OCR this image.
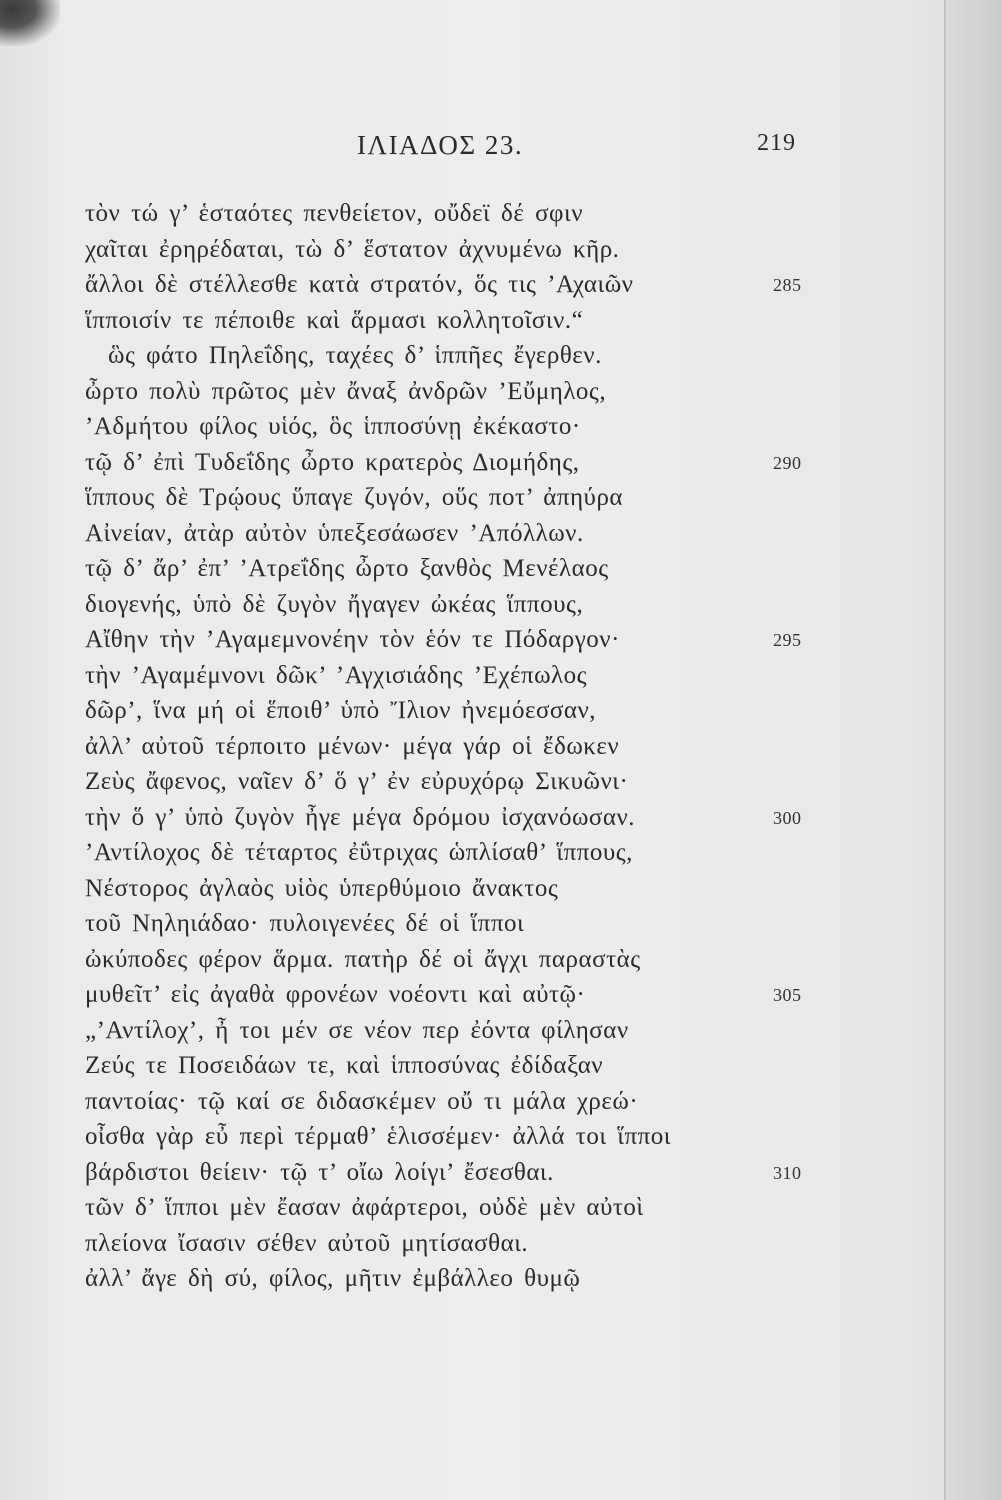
ΙΛΙΑΔΟΣ 23.	219
τὸν τώ γ’ ἑσταότες πενθείετον, οὔδεϊ δέ σφιν
χαῖται ἐρηρέδαται, τὼ δ’ ἕστατον ἀχνυμένω κῆρ.
ἄλλοι δὲ στέλλεσθε κατὰ στρατόν, ὅς τις ’Αχαιῶν	285
ἵπποισίν τε πέποιθε καὶ ἅρμασι κολλητοῖσιν.“
ὣς φάτο Πηλεΐδης, ταχέες δ’ ἱππῆες ἔγερθεν.
ὦρτο πολὺ πρῶτος μὲν ἄναξ ἀνδρῶν ’Εὔμηλος,
’Αδμήτου φίλος υἱός, ὃς ἱπποσύνῃ ἐκέκαστο·
τῷ δ’ ἐπὶ Τυδεΐδης ὦρτο κρατερὸς Διομήδης,	290
ἵππους δὲ Τρῴους ὕπαγε ζυγόν, οὕς ποτ’ ἀπηύρα
Αἰνείαν, ἀτὰρ αὐτὸν ὑπεξεσάωσεν ’Απόλλων.
τῷ δ’ ἄρ’ ἐπ’ ’Ατρεΐδης ὦρτο ξανθὸς Μενέλαος
διογενής, ὑπὸ δὲ ζυγὸν ἤγαγεν ὠκέας ἵππους,
Αἴθην τὴν ’Αγαμεμνονέην τὸν ἑόν τε Πόδαργον·	295
τὴν ’Αγαμέμνονι δῶκ’ ’Αγχισιάδης ’Εχέπωλος
δῶρ’, ἵνα μή οἱ ἕποιθ’ ὑπὸ Ἴλιον ἠνεμόεσσαν,
ἀλλ’ αὐτοῦ τέρποιτο μένων· μέγα γάρ οἱ ἔδωκεν
Ζεὺς ἄφενος, ναῖεν δ’ ὅ γ’ ἐν εὐρυχόρῳ Σικυῶνι·
τὴν ὅ γ’ ὑπὸ ζυγὸν ἦγε μέγα δρόμου ἰσχανόωσαν.	300
’Αντίλοχος δὲ τέταρτος ἐΰτριχας ὡπλίσαθ’ ἵππους,
Νέστορος ἀγλαὸς υἱὸς ὑπερθύμοιο ἄνακτος
τοῦ Νηληιάδαο· πυλοιγενέες δέ οἱ ἵπποι
ὠκύποδες φέρον ἅρμα. πατὴρ δέ οἱ ἄγχι παραστὰς
μυθεῖτ’ εἰς ἀγαθὰ φρονέων νοέοντι καὶ αὐτῷ·	305
„’Αντίλοχ’, ἦ τοι μέν σε νέον περ ἐόντα φίλησαν
Ζεύς τε Ποσειδάων τε, καὶ ἱπποσύνας ἐδίδαξαν
παντοίας· τῷ καί σε διδασκέμεν οὔ τι μάλα χρεώ·
οἶσθα γὰρ εὖ περὶ τέρμαθ’ ἑλισσέμεν· ἀλλά τοι ἵπποι
βάρδιστοι θείειν· τῷ τ’ οἴω λοίγι’ ἔσεσθαι.	310
τῶν δ’ ἵπποι μὲν ἔασαν ἀφάρτεροι, οὐδὲ μὲν αὐτοὶ
πλείονα ἴσασιν σέθεν αὐτοῦ μητίσασθαι.
ἀλλ’ ἄγε δὴ σύ, φίλος, μῆτιν ἐμβάλλεο θυμῷ
